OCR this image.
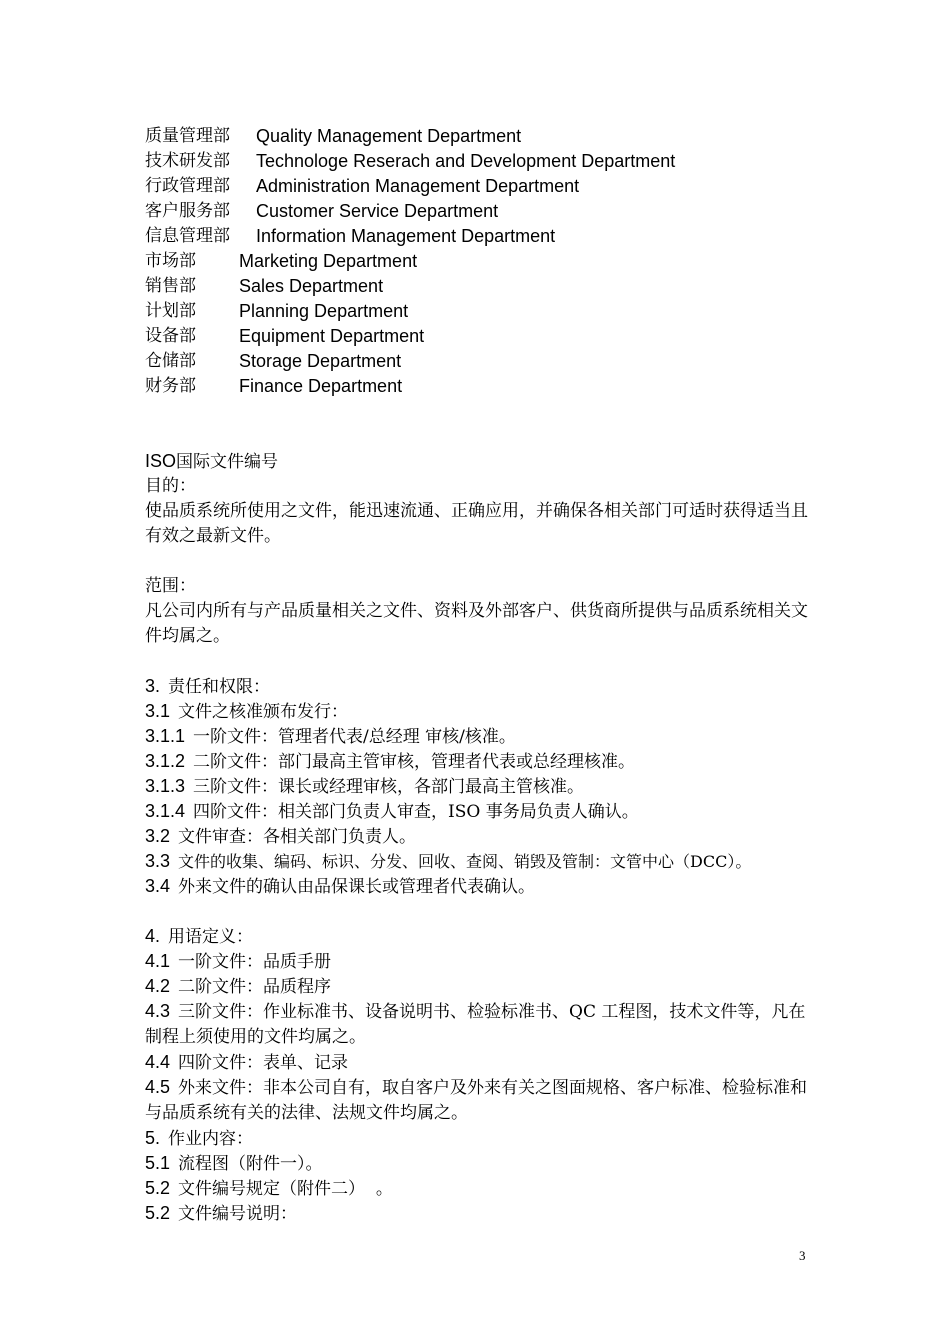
质量管理部	Quality Management Department
技术研发部	Technologe Reserach and Development Department
行政管理部	Administration Management Department
客户服务部	Customer Service Department
信息管理部	Information Management Department
市场部	Marketing Department
销售部	Sales Department
计划部	Planning Department
设备部	Equipment Department
仓储部	Storage Department
财务部	Finance Department
ISO国际文件编号
目的：
使品质系统所使用之文件，能迅速流通、正确应用，并确保各相关部门可适时获得适当且有效之最新文件。
范围：
凡公司内所有与产品质量相关之文件、资料及外部客户、供货商所提供与品质系统相关文件均属之。
3. 责任和权限：
3.1 文件之核准颁布发行：
3.1.1 一阶文件：管理者代表/总经理 审核/核准。
3.1.2 二阶文件：部门最高主管审核，管理者代表或总经理核准。
3.1.3 三阶文件：课长或经理审核，各部门最高主管核准。
3.1.4 四阶文件：相关部门负责人审查，ISO 事务局负责人确认。
3.2 文件审查：各相关部门负责人。
3.3 文件的收集、编码、标识、分发、回收、查阅、销毁及管制：文管中心（DCC）。
3.4 外来文件的确认由品保课长或管理者代表确认。
4. 用语定义：
4.1 一阶文件：品质手册
4.2 二阶文件：品质程序
4.3 三阶文件：作业标准书、设备说明书、检验标准书、QC 工程图，技术文件等，凡在制程上须使用的文件均属之。
4.4 四阶文件：表单、记录
4.5 外来文件：非本公司自有，取自客户及外来有关之图面规格、客户标准、检验标准和与品质系统有关的法律、法规文件均属之。
5. 作业内容：
5.1 流程图（附件一）。
5.2 文件编号规定（附件二）  。
5.2 文件编号说明：
3
